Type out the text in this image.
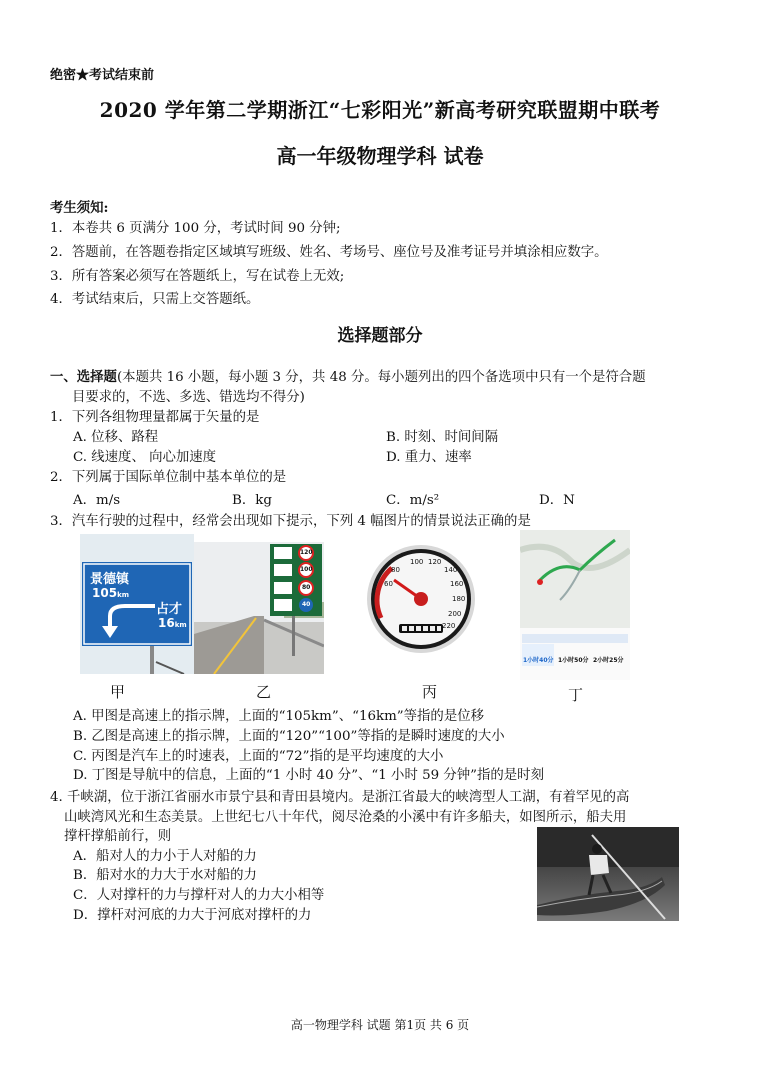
绝密★考试结束前
2020 学年第二学期浙江“七彩阳光”新高考研究联盟期中联考
高一年级物理学科 试卷
考生须知:
1．本卷共 6 页满分 100 分，考试时间 90 分钟;
2．答题前，在答题卷指定区域填写班级、姓名、考场号、座位号及准考证号并填涂相应数字。
3．所有答案必须写在答题纸上，写在试卷上无效;
4．考试结束后，只需上交答题纸。
选择题部分
一、选择题(本题共 16 小题，每小题 3 分，共 48 分。每小题列出的四个备选项中只有一个是符合题
目要求的，不选、多选、错选均不得分)
1．下列各组物理量都属于矢量的是
A. 位移、路程	B. 时刻、时间间隔
C. 线速度、 向心加速度	D. 重力、速率
2．下列属于国际单位制中基本单位的是
A．m/s	B．kg	C．m/s²	D．N
3．汽车行驶的过程中，经常会出现如下提示，下列 4 幅图片的情景说法正确的是
景德镇
105km
占才
16km
120
100
80
40
60
80
100 120
140
160
180
200
220
1小时40分 1小时50分 2小时25分
甲	乙	丙	丁
A. 甲图是高速上的指示牌，上面的“105km”、“16km”等指的是位移
B. 乙图是高速上的指示牌，上面的“120”“100”等指的是瞬时速度的大小
C. 丙图是汽车上的时速表，上面的“72”指的是平均速度的大小
D. 丁图是导航中的信息，上面的“1 小时 40 分”、“1 小时 59 分钟”指的是时刻
4. 千峡湖，位于浙江省丽水市景宁县和青田县境内。是浙江省最大的峡湾型人工湖，有着罕见的高
山峡湾风光和生态美景。上世纪七八十年代，阅尽沧桑的小溪中有许多船夫，如图所示，船夫用
撑杆撑船前行，则
A．船对人的力小于人对船的力
B．船对水的力大于水对船的力
C．人对撑杆的力与撑杆对人的力大小相等
D．撑杆对河底的力大于河底对撑杆的力
高一物理学科 试题 第1页 共 6 页
